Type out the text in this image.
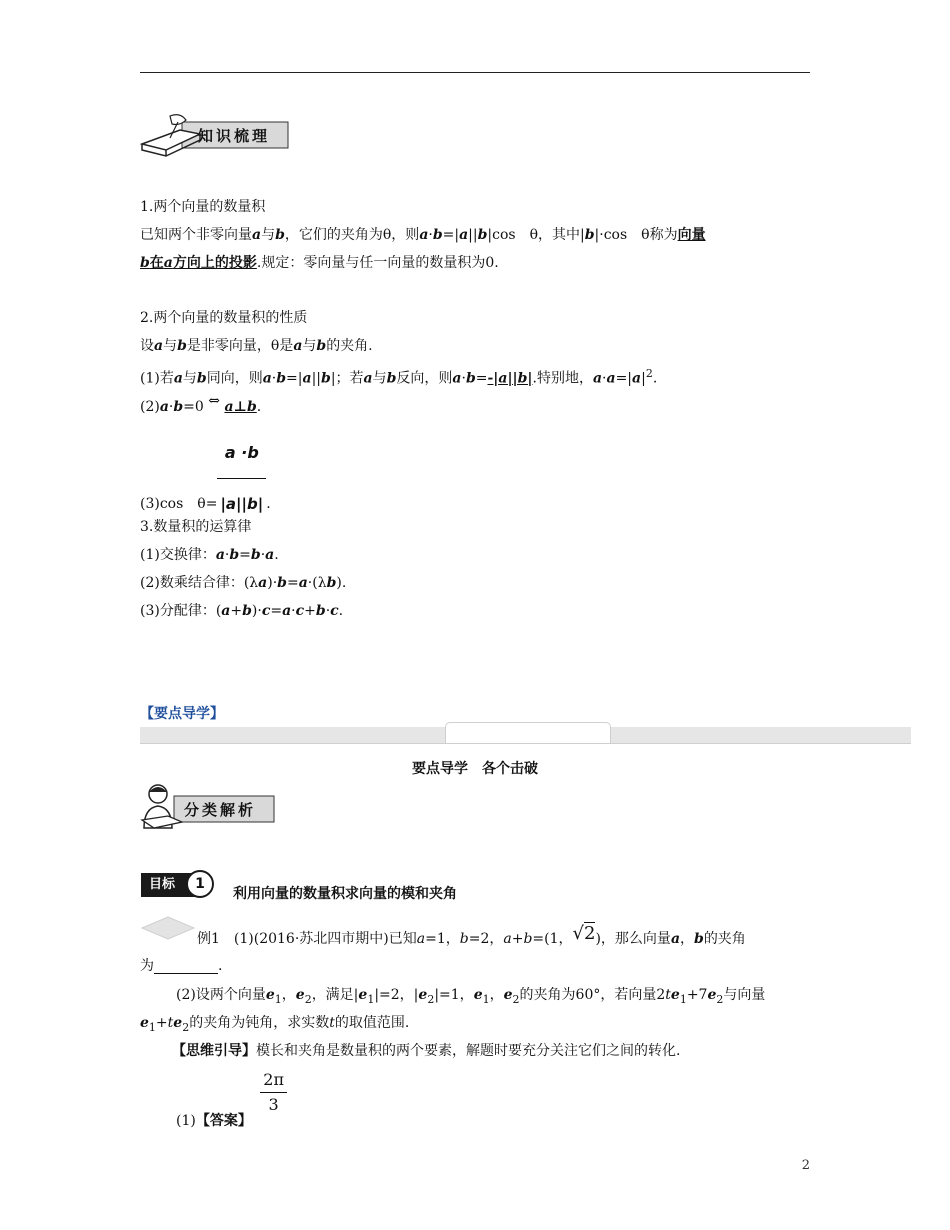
知识梳理
1.两个向量的数量积
已知两个非零向量a与b，它们的夹角为θ，则a·b=|a||b|cos　θ，其中|b|·cos　θ称为向量
b在a方向上的投影.规定：零向量与任一向量的数量积为0.
2.两个向量的数量积的性质
设a与b是非零向量，θ是a与b的夹角.
(1)若a与b同向，则a·b=|a||b|；若a与b反向，则a·b=-|a||b|.特别地，$a\cdot a=|a|^2$.
(2)a·b=0 ⇔ a⊥b.
(3)cos　$\theta= \frac{a \cdot b}{|a||b|}$ .
3.数量积的运算律
(1)交换律：a·b=b·a.
(2)数乘结合律：(λa)·b=a·(λb).
(3)分配律：(a+b)·c=a·c+b·c.
【要点导学】
要点导学　各个击破
分类解析
目标	1
利用向量的数量积求向量的模和夹角
例1　(1)(2016·苏北四市期中)已知a=1，b=2，a+b=(1，√2)，那么向量a，b的夹角
为	.
(2)设两个向量$e_1$，$e_2$，满足$|e_1|=2$，$|e_2|=1$，$e_1$，$e_2$的夹角为60°，若向量$2te_1+7e_2$与向量
$e_1+te_2$的夹角为钝角，求实数t的取值范围.
【思维引导】模长和夹角是数量积的两个要素，解题时要充分关注它们之间的转化.
(1)【答案】
$\frac{2\pi}{3}$
2
